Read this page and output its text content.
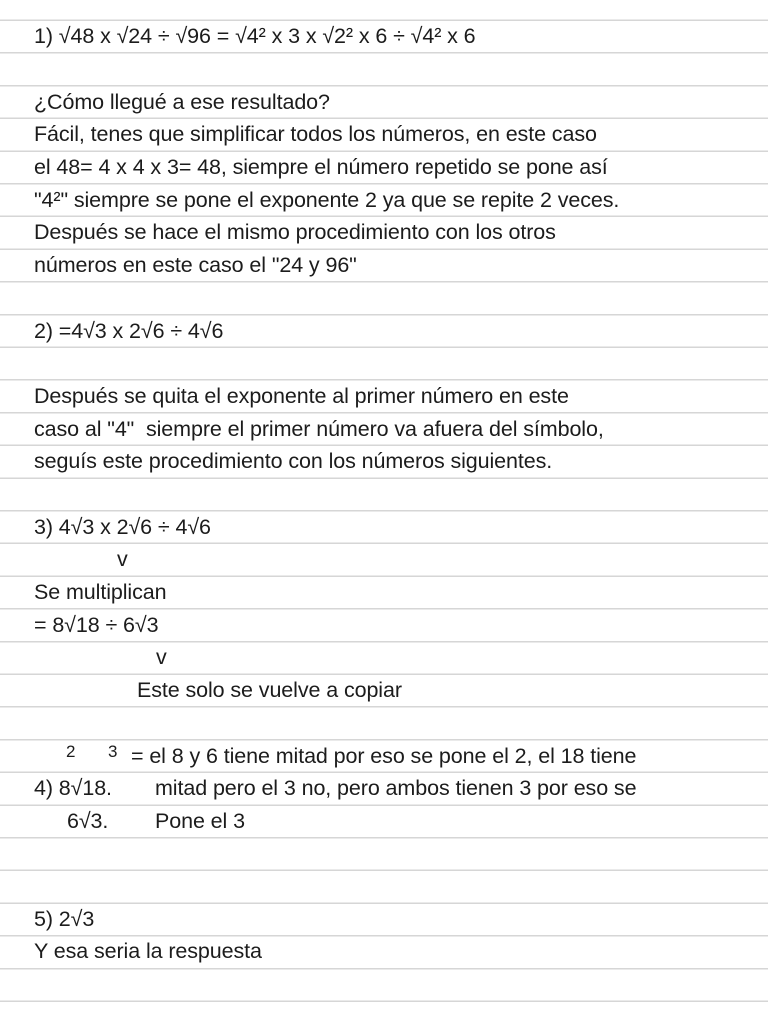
1) √48 x √24 ÷ √96 = √4² x 3 x √2² x 6 ÷ √4² x 6
¿Cómo llegué a ese resultado?
Fácil, tenes que simplificar todos los números, en este caso
el 48= 4 x 4 x 3= 48, siempre el número repetido se pone así
"4²" siempre se pone el exponente 2 ya que se repite 2 veces.
Después se hace el mismo procedimiento con los otros
números en este caso el "24 y 96"
2) =4√3 x 2√6 ÷ 4√6
Después se quita el exponente al primer número en este
caso al "4"  siempre el primer número va afuera del símbolo,
seguís este procedimiento con los números siguientes.
3) 4√3 x 2√6 ÷ 4√6
v
Se multiplican
= 8√18 ÷ 6√3
v
Este solo se vuelve a copiar
$^2$ $^3$ = el 8 y 6 tiene mitad por eso se pone el 2, el 18 tiene
4) 8√18. mitad pero el 3 no, pero ambos tienen 3 por eso se
6√3. Pone el 3
5) 2√3
Y esa seria la respuesta
